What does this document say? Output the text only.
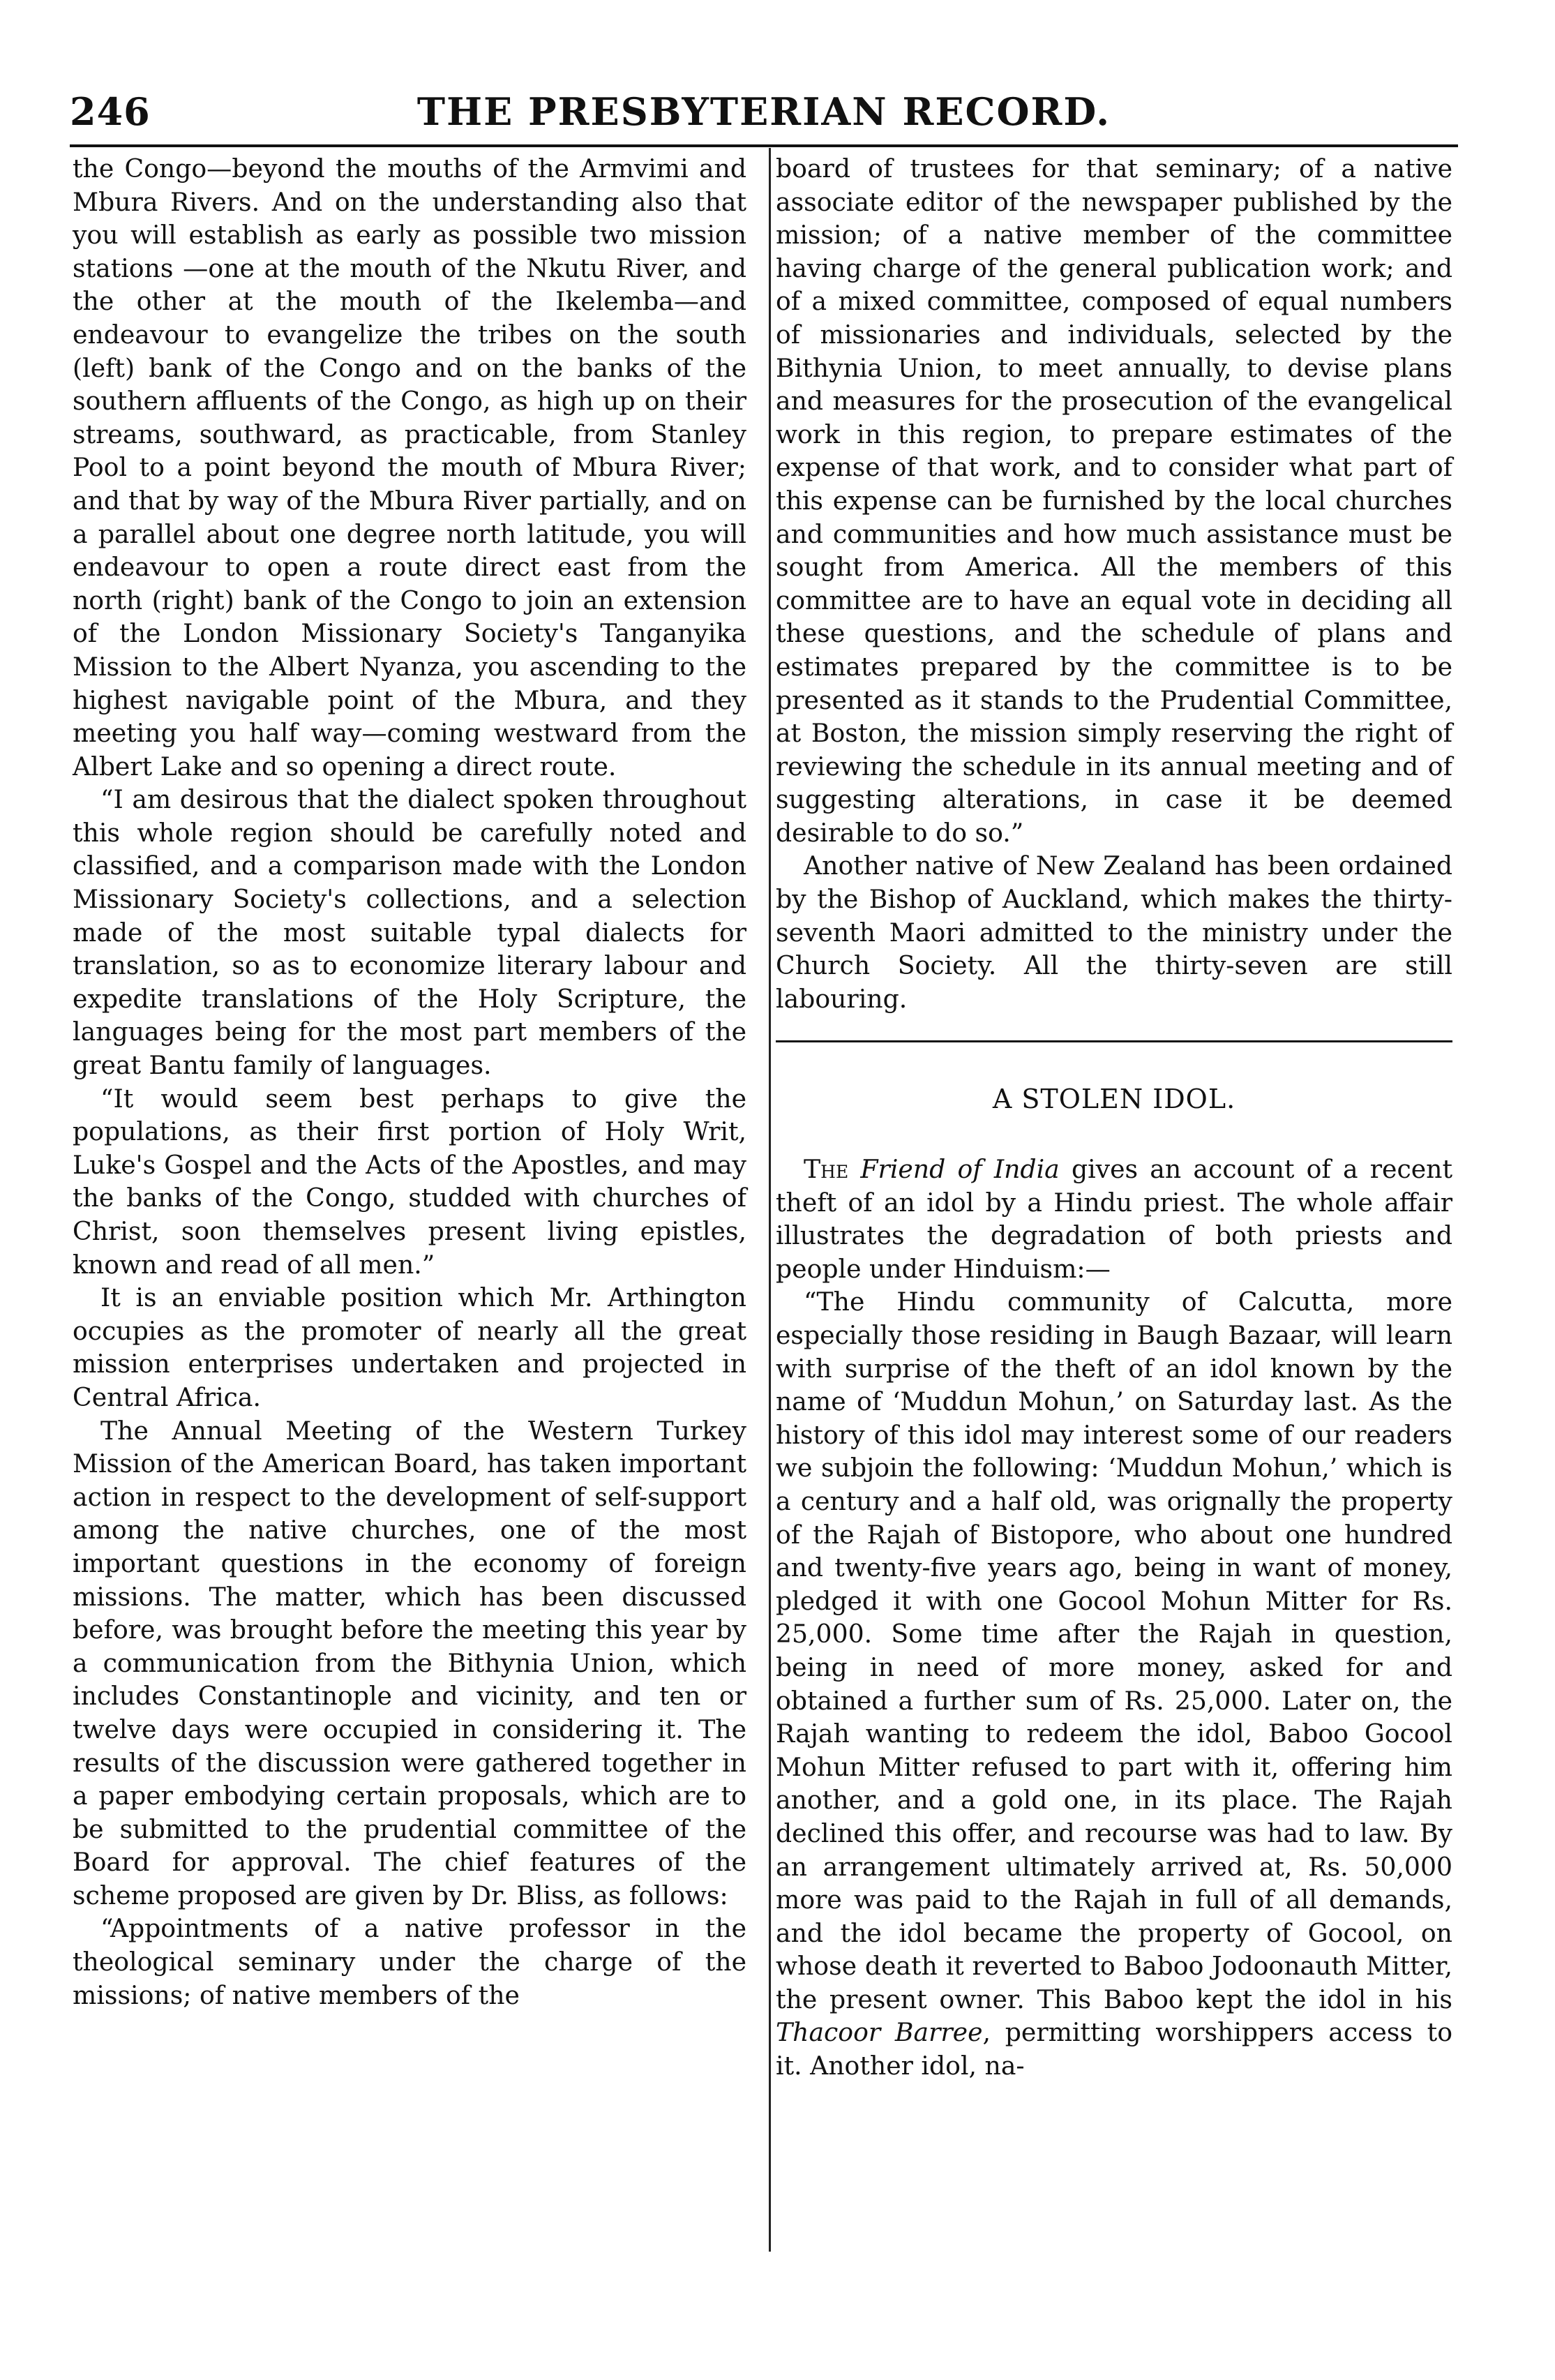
246	THE PRESBYTERIAN RECORD.

the Congo—beyond the mouths of the Armvimi and Mbura Rivers. And on the understanding also that you will establish as early as possible two mission stations —one at the mouth of the Nkutu River, and the other at the mouth of the Ikelemba—and endeavour to evangelize the tribes on the south (left) bank of the Congo and on the banks of the southern affluents of the Congo, as high up on their streams, southward, as practicable, from Stanley Pool to a point beyond the mouth of Mbura River; and that by way of the Mbura River partially, and on a parallel about one degree north latitude, you will endeavour to open a route direct east from the north (right) bank of the Congo to join an extension of the London Missionary Society's Tanganyika Mission to the Albert Nyanza, you ascending to the highest navigable point of the Mbura, and they meeting you half way—coming westward from the Albert Lake and so opening a direct route.

“I am desirous that the dialect spoken throughout this whole region should be carefully noted and classified, and a comparison made with the London Missionary Society's collections, and a selection made of the most suitable typal dialects for translation, so as to economize literary labour and expedite translations of the Holy Scripture, the languages being for the most part members of the great Bantu family of languages.

“It would seem best perhaps to give the populations, as their first portion of Holy Writ, Luke's Gospel and the Acts of the Apostles, and may the banks of the Congo, studded with churches of Christ, soon themselves present living epistles, known and read of all men.”

It is an enviable position which Mr. Arthington occupies as the promoter of nearly all the great mission enterprises undertaken and projected in Central Africa.

The Annual Meeting of the Western Turkey Mission of the American Board, has taken important action in respect to the development of self-support among the native churches, one of the most important questions in the economy of foreign missions. The matter, which has been discussed before, was brought before the meeting this year by a communication from the Bithynia Union, which includes Constantinople and vicinity, and ten or twelve days were occupied in considering it. The results of the discussion were gathered together in a paper embodying certain proposals, which are to be submitted to the prudential committee of the Board for approval. The chief features of the scheme proposed are given by Dr. Bliss, as follows:

“Appointments of a native professor in the theological seminary under the charge of the missions; of native members of the

board of trustees for that seminary; of a native associate editor of the newspaper published by the mission; of a native member of the committee having charge of the general publication work; and of a mixed committee, composed of equal numbers of missionaries and individuals, selected by the Bithynia Union, to meet annually, to devise plans and measures for the prosecution of the evangelical work in this region, to prepare estimates of the expense of that work, and to consider what part of this expense can be furnished by the local churches and communities and how much assistance must be sought from America. All the members of this committee are to have an equal vote in deciding all these questions, and the schedule of plans and estimates prepared by the committee is to be presented as it stands to the Prudential Committee, at Boston, the mission simply reserving the right of reviewing the schedule in its annual meeting and of suggesting alterations, in case it be deemed desirable to do so.”

Another native of New Zealand has been ordained by the Bishop of Auckland, which makes the thirty-seventh Maori admitted to the ministry under the Church Society. All the thirty-seven are still labouring.

A STOLEN IDOL.

The Friend of India gives an account of a recent theft of an idol by a Hindu priest. The whole affair illustrates the degradation of both priests and people under Hinduism:—

“The Hindu community of Calcutta, more especially those residing in Baugh Bazaar, will learn with surprise of the theft of an idol known by the name of ‘Muddun Mohun,’ on Saturday last. As the history of this idol may interest some of our readers we subjoin the following: ‘Muddun Mohun,’ which is a century and a half old, was orignally the property of the Rajah of Bistopore, who about one hundred and twenty-five years ago, being in want of money, pledged it with one Gocool Mohun Mitter for Rs. 25,000. Some time after the Rajah in question, being in need of more money, asked for and obtained a further sum of Rs. 25,000. Later on, the Rajah wanting to redeem the idol, Baboo Gocool Mohun Mitter refused to part with it, offering him another, and a gold one, in its place. The Rajah declined this offer, and recourse was had to law. By an arrangement ultimately arrived at, Rs. 50,000 more was paid to the Rajah in full of all demands, and the idol became the property of Gocool, on whose death it reverted to Baboo Jodoonauth Mitter, the present owner. This Baboo kept the idol in his Thacoor Barree, permitting worshippers access to it. Another idol, na-
